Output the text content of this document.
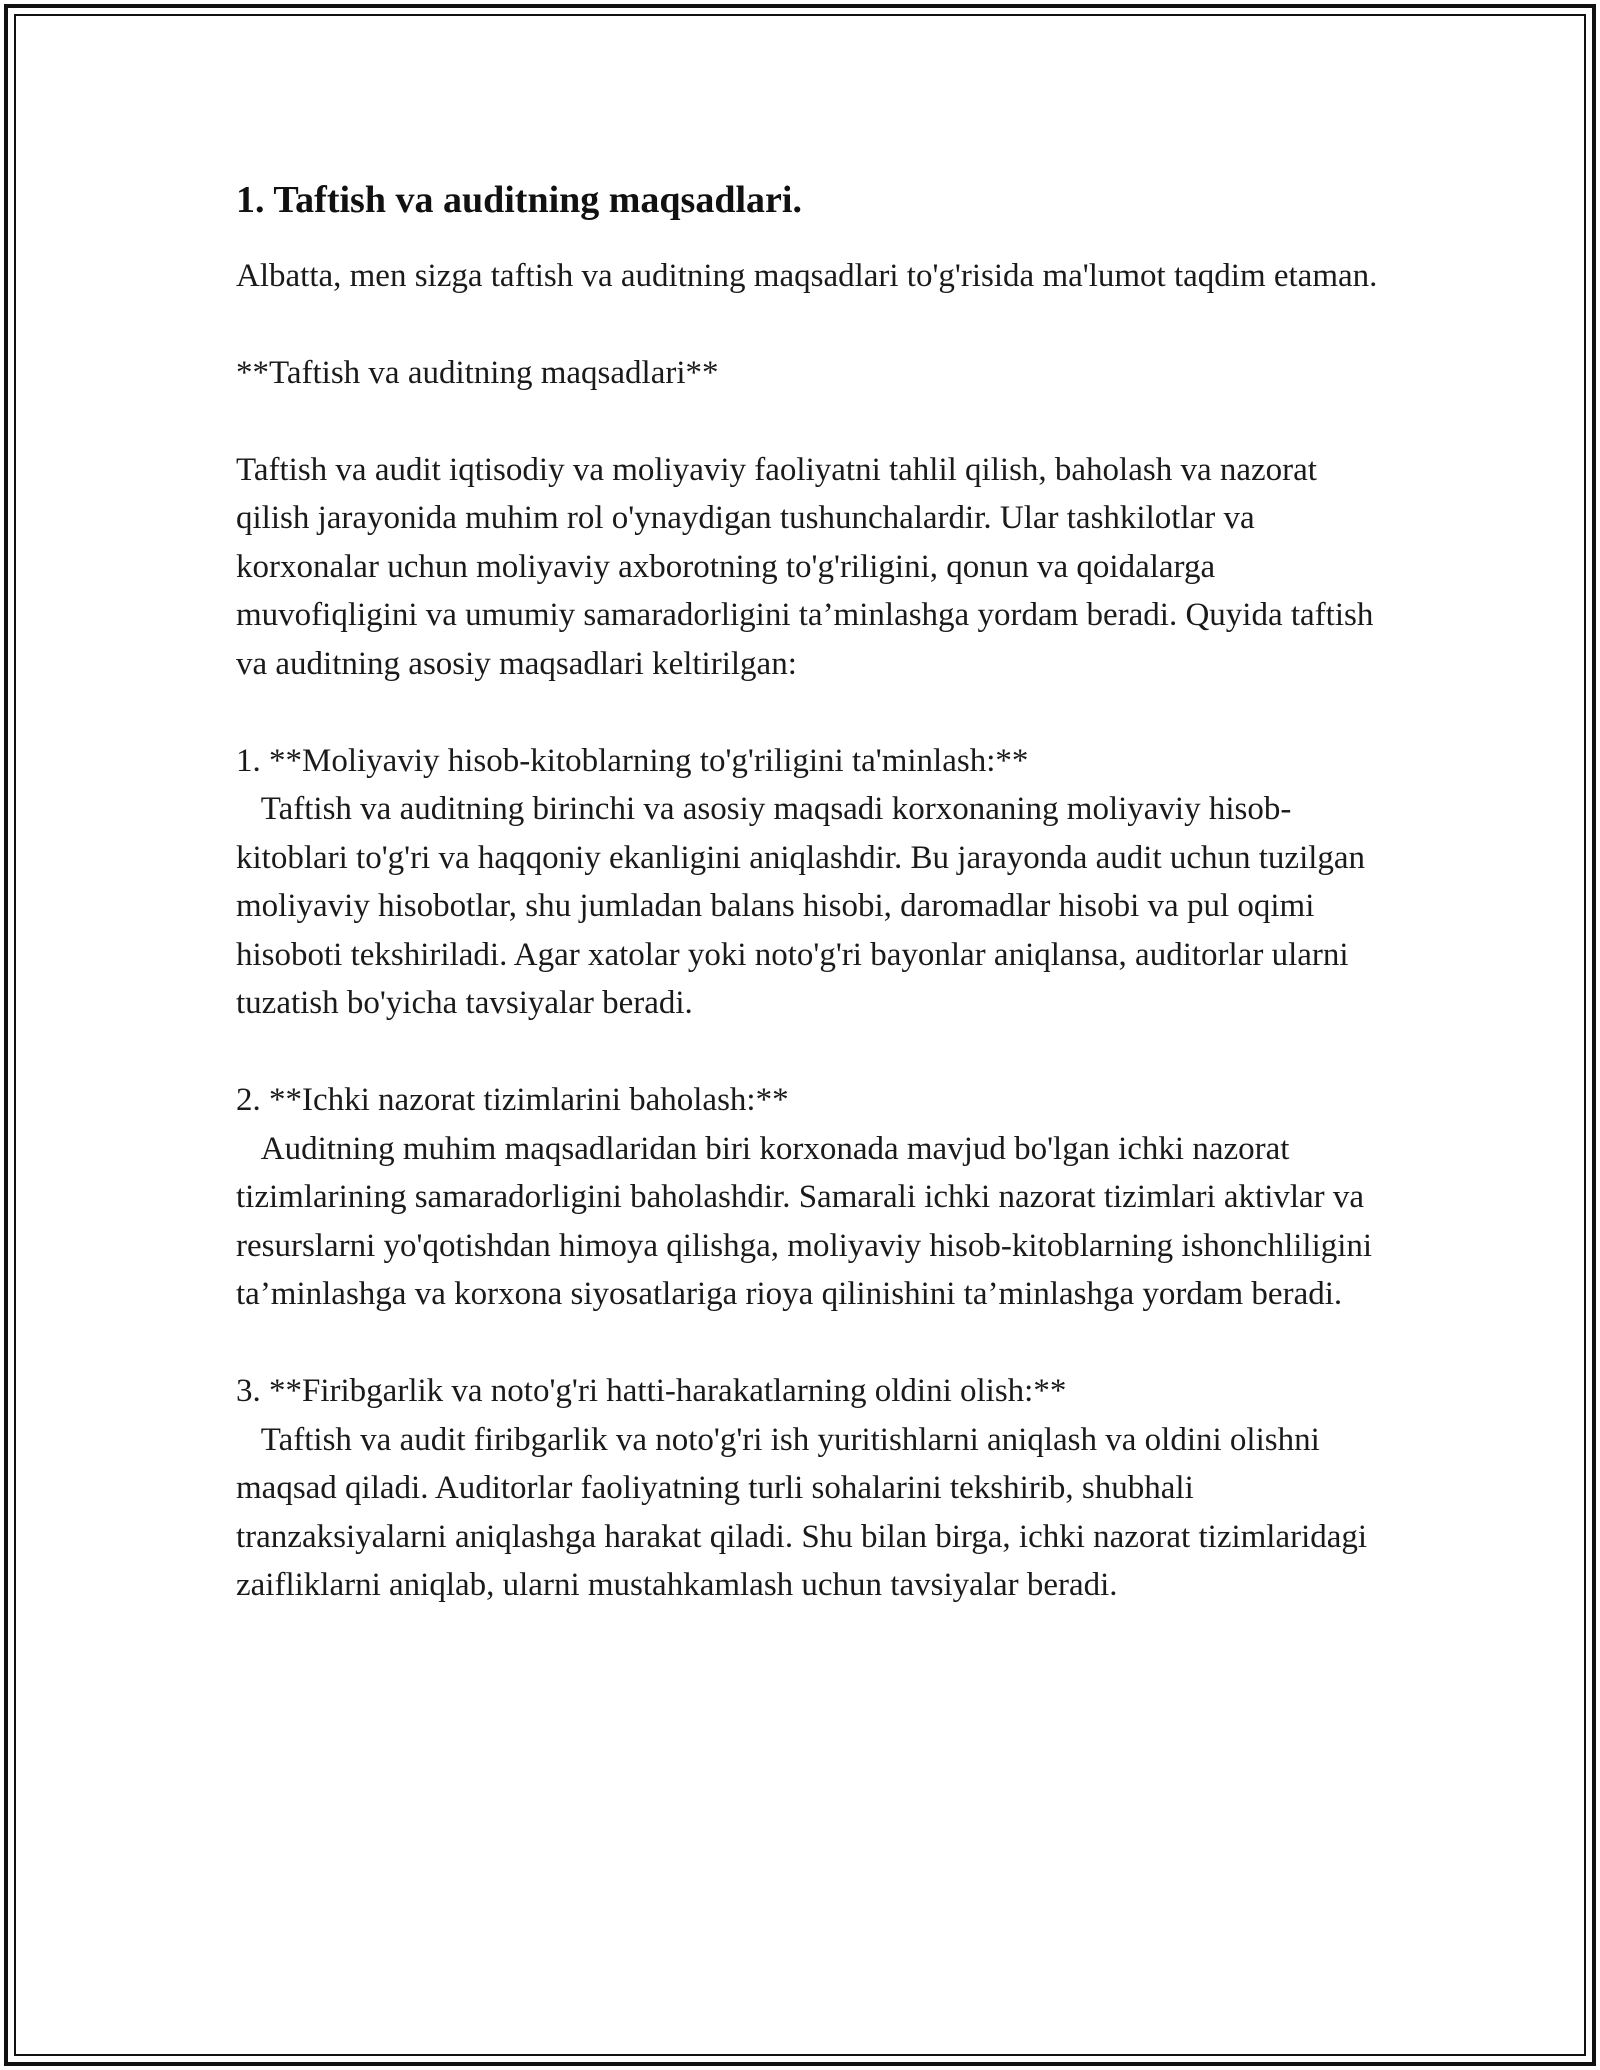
1. Taftish va auditning maqsadlari.

Albatta, men sizga taftish va auditning maqsadlari to'g'risida ma'lumot taqdim etaman.

**Taftish va auditning maqsadlari**

Taftish va audit iqtisodiy va moliyaviy faoliyatni tahlil qilish, baholash va nazorat qilish jarayonida muhim rol o'ynaydigan tushunchalardir. Ular tashkilotlar va korxonalar uchun moliyaviy axborotning to'g'riligini, qonun va qoidalarga muvofiqligini va umumiy samaradorligini ta’minlashga yordam beradi. Quyida taftish va auditning asosiy maqsadlari keltirilgan:

1. **Moliyaviy hisob-kitoblarning to'g'riligini ta'minlash:**

Taftish va auditning birinchi va asosiy maqsadi korxonaning moliyaviy hisob-kitoblari to'g'ri va haqqoniy ekanligini aniqlashdir. Bu jarayonda audit uchun tuzilgan moliyaviy hisobotlar, shu jumladan balans hisobi, daromadlar hisobi va pul oqimi hisoboti tekshiriladi. Agar xatolar yoki noto'g'ri bayonlar aniqlansa, auditorlar ularni tuzatish bo'yicha tavsiyalar beradi.

2. **Ichki nazorat tizimlarini baholash:**

Auditning muhim maqsadlaridan biri korxonada mavjud bo'lgan ichki nazorat tizimlarining samaradorligini baholashdir. Samarali ichki nazorat tizimlari aktivlar va resurslarni yo'qotishdan himoya qilishga, moliyaviy hisob-kitoblarning ishonchliligini ta’minlashga va korxona siyosatlariga rioya qilinishini ta’minlashga yordam beradi.

3. **Firibgarlik va noto'g'ri hatti-harakatlarning oldini olish:**

Taftish va audit firibgarlik va noto'g'ri ish yuritishlarni aniqlash va oldini olishni maqsad qiladi. Auditorlar faoliyatning turli sohalarini tekshirib, shubhali tranzaksiyalarni aniqlashga harakat qiladi. Shu bilan birga, ichki nazorat tizimlaridagi zaifliklarni aniqlab, ularni mustahkamlash uchun tavsiyalar beradi.
